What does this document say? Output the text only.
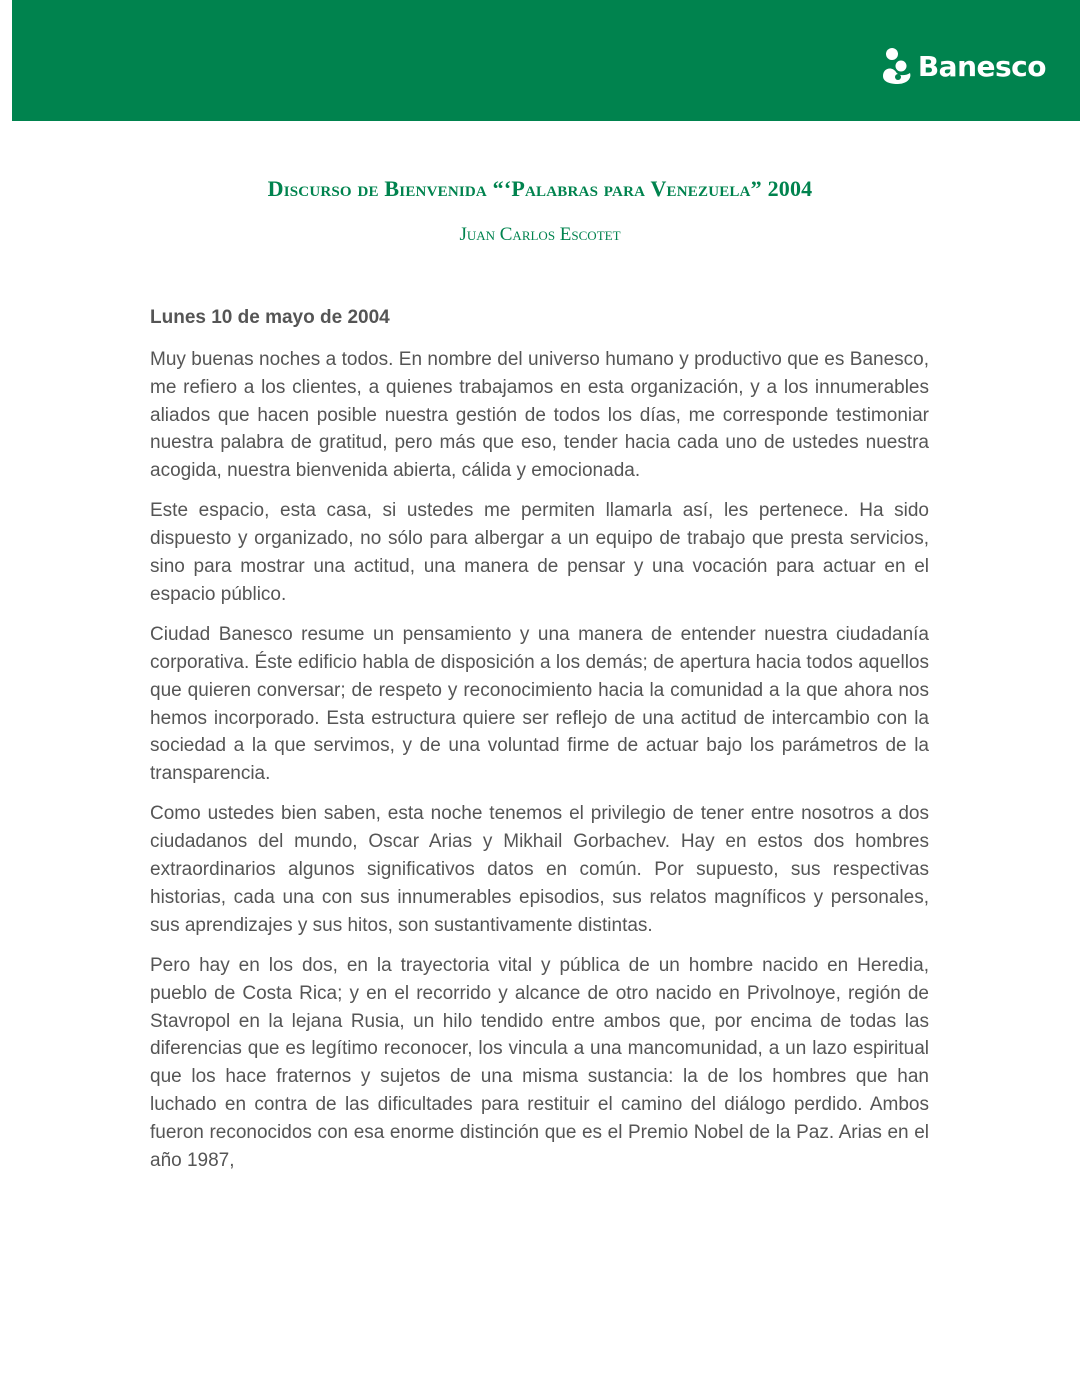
Banesco
Discurso de Bienvenida “‘Palabras para Venezuela” 2004
Juan Carlos Escotet

Lunes 10 de mayo de 2004

Muy buenas noches a todos. En nombre del universo humano y productivo que es Banesco, me refiero a los clientes, a quienes trabajamos en esta organización, y a los innumerables aliados que hacen posible nuestra gestión de todos los días, me corresponde testimoniar nuestra palabra de gratitud, pero más que eso, tender hacia cada uno de ustedes nuestra acogida, nuestra bienvenida abierta, cálida y emocionada.

Este espacio, esta casa, si ustedes me permiten llamarla así, les pertenece. Ha sido dispuesto y organizado, no sólo para albergar a un equipo de trabajo que presta servicios, sino para mostrar una actitud, una manera de pensar y una vocación para actuar en el espacio público.

Ciudad Banesco resume un pensamiento y una manera de entender nuestra ciudadanía corporativa. Éste edificio habla de disposición a los demás; de apertura hacia todos aquellos que quieren conversar; de respeto y reconocimiento hacia la comunidad a la que ahora nos hemos incorporado. Esta estructura quiere ser reflejo de una actitud de intercambio con la sociedad a la que servimos, y de una voluntad firme de actuar bajo los parámetros de la transparencia.

Como ustedes bien saben, esta noche tenemos el privilegio de tener entre nosotros a dos ciudadanos del mundo, Oscar Arias y Mikhail Gorbachev. Hay en estos dos hombres extraordinarios algunos significativos datos en común. Por supuesto, sus respectivas historias, cada una con sus innumerables episodios, sus relatos magníficos y personales, sus aprendizajes y sus hitos, son sustantivamente distintas.

Pero hay en los dos, en la trayectoria vital y pública de un hombre nacido en Heredia, pueblo de Costa Rica; y en el recorrido y alcance de otro nacido en Privolnoye, región de Stavropol en la lejana Rusia, un hilo tendido entre ambos que, por encima de todas las diferencias que es legítimo reconocer, los vincula a una mancomunidad, a un lazo espiritual que los hace fraternos y sujetos de una misma sustancia: la de los hombres que han luchado en contra de las dificultades para restituir el camino del diálogo perdido. Ambos fueron reconocidos con esa enorme distinción que es el Premio Nobel de la Paz. Arias en el año 1987,
